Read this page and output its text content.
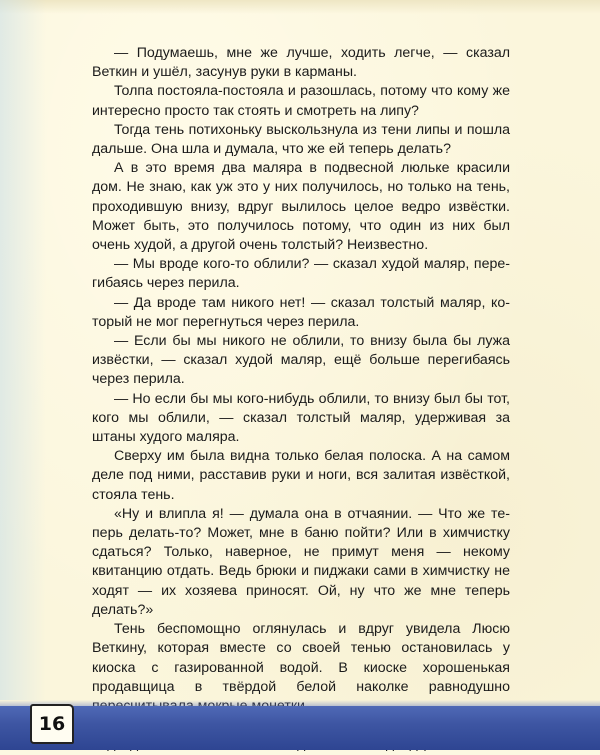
— Подумаешь, мне же лучше, ходить легче, — сказал Веткин и ушёл, засунув руки в карманы.

Толпа постояла-постояла и разошлась, потому что кому же интересно просто так стоять и смотреть на липу?

Тогда тень потихоньку выскользнула из тени липы и пошла дальше. Она шла и думала, что же ей теперь делать?

А в это время два маляра в подвесной люльке красили дом. Не знаю, как уж это у них получилось, но только на тень, проходившую внизу, вдруг вылилось целое ведро извёстки. Может быть, это получилось потому, что один из них был очень худой, а другой очень толстый? Неизвестно.

— Мы вроде кого-то облили? — сказал худой маляр, перегибаясь через перила.

— Да вроде там никого нет! — сказал толстый маляр, который не мог перегнуться через перила.

— Если бы мы никого не облили, то внизу была бы лужа извёстки, — сказал худой маляр, ещё больше перегибаясь через перила.

— Но если бы мы кого-нибудь облили, то внизу был бы тот, кого мы облили, — сказал толстый маляр, удерживая за штаны худого маляра.

Сверху им была видна только белая полоска. А на самом деле под ними, расставив руки и ноги, вся залитая извёсткой, стояла тень.

«Ну и влипла я! — думала она в отчаянии. — Что же теперь делать-то? Может, мне в баню пойти? Или в химчистку сдаться? Только, наверное, не примут меня — некому квитанцию отдать. Ведь брюки и пиджаки сами в химчистку не ходят — их хозяева приносят. Ой, ну что же мне теперь делать?»

Тень беспомощно оглянулась и вдруг увидела Люсю Веткину, которая вместе со своей тенью остановилась у киоска с газированной водой. В киоске хорошенькая продавщица в твёрдой белой наколке равнодушно

16
